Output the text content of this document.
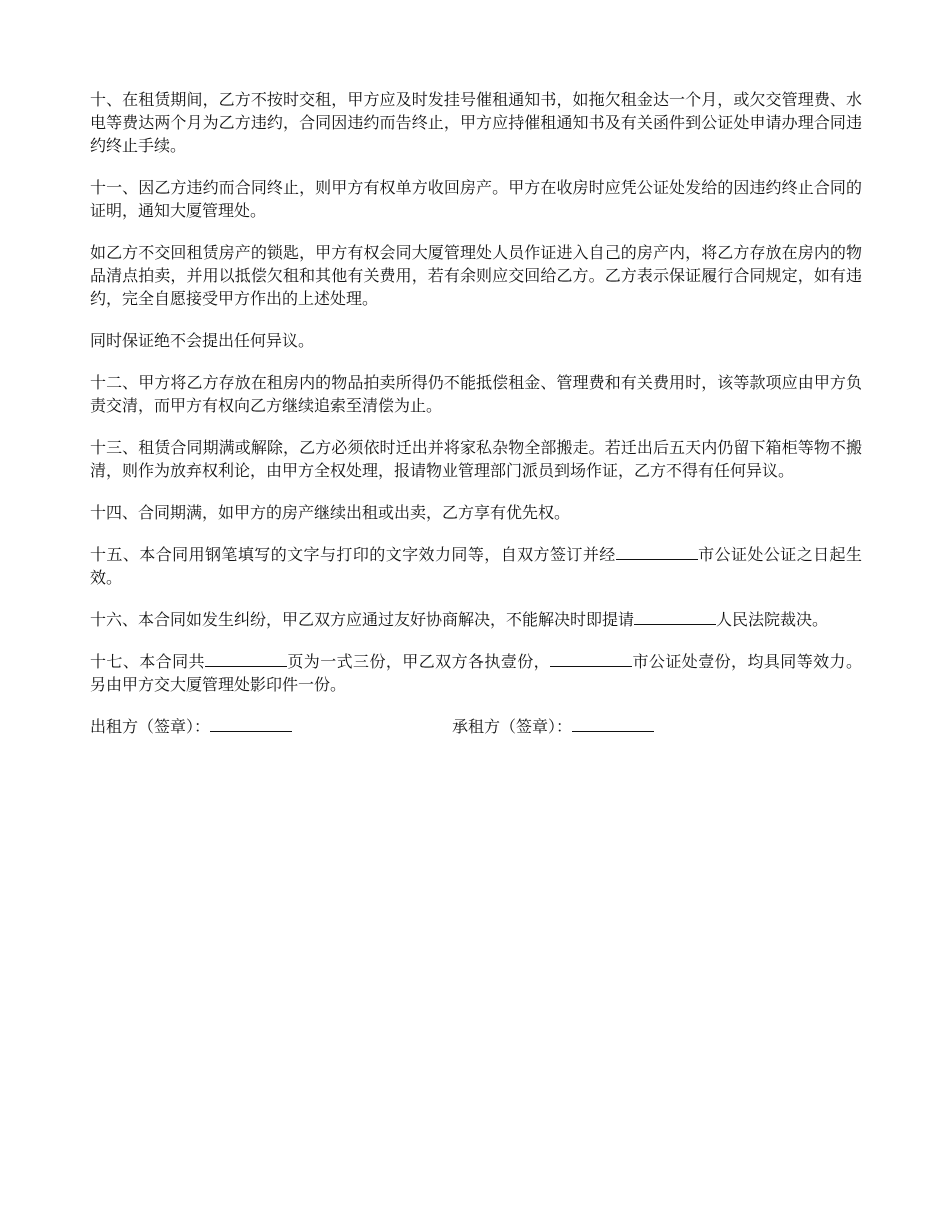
十、在租赁期间，乙方不按时交租，甲方应及时发挂号催租通知书，如拖欠租金达一个月，或欠交管理费、水电等费达两个月为乙方违约，合同因违约而告终止，甲方应持催租通知书及有关函件到公证处申请办理合同违约终止手续。

十一、因乙方违约而合同终止，则甲方有权单方收回房产。甲方在收房时应凭公证处发给的因违约终止合同的证明，通知大厦管理处。

如乙方不交回租赁房产的锁匙，甲方有权会同大厦管理处人员作证进入自己的房产内，将乙方存放在房内的物品清点拍卖，并用以抵偿欠租和其他有关费用，若有余则应交回给乙方。乙方表示保证履行合同规定，如有违约，完全自愿接受甲方作出的上述处理。

同时保证绝不会提出任何异议。

十二、甲方将乙方存放在租房内的物品拍卖所得仍不能抵偿租金、管理费和有关费用时，该等款项应由甲方负责交清，而甲方有权向乙方继续追索至清偿为止。

十三、租赁合同期满或解除，乙方必须依时迁出并将家私杂物全部搬走。若迁出后五天内仍留下箱柜等物不搬清，则作为放弃权利论，由甲方全权处理，报请物业管理部门派员到场作证，乙方不得有任何异议。

十四、合同期满，如甲方的房产继续出租或出卖，乙方享有优先权。

十五、本合同用钢笔填写的文字与打印的文字效力同等，自双方签订并经	市公证处公证之日起生效。

十六、本合同如发生纠纷，甲乙双方应通过友好协商解决，不能解决时即提请	人民法院裁决。

十七、本合同共	页为一式三份，甲乙双方各执壹份，	市公证处壹份，均具同等效力。另由甲方交大厦管理处影印件一份。

出租方（签章）：	承租方（签章）：
